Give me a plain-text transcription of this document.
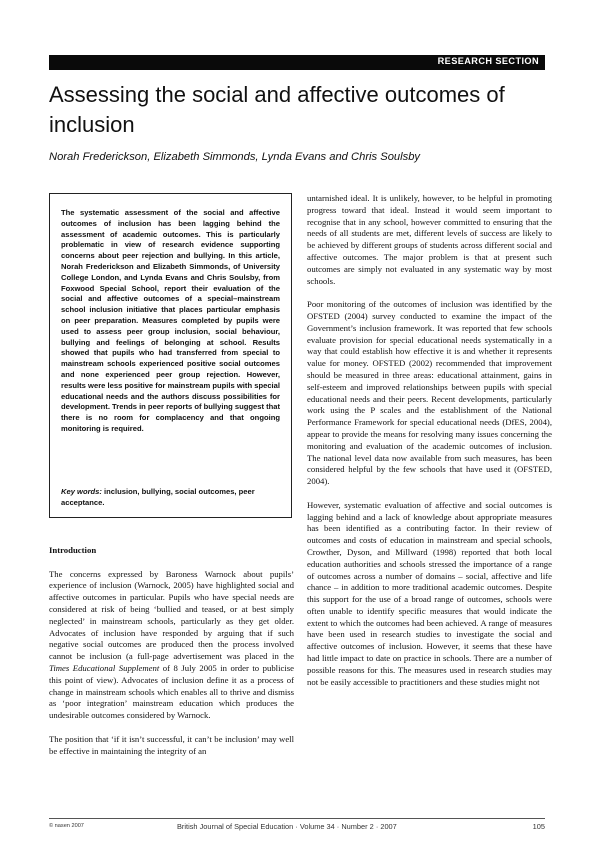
RESEARCH SECTION
Assessing the social and affective outcomes of inclusion

Norah Frederickson, Elizabeth Simmonds, Lynda Evans and Chris Soulsby

The systematic assessment of the social and affective outcomes of inclusion has been lagging behind the assessment of academic outcomes. This is particularly problematic in view of research evidence supporting concerns about peer rejection and bullying. In this article, Norah Frederickson and Elizabeth Simmonds, of University College London, and Lynda Evans and Chris Soulsby, from Foxwood Special School, report their evaluation of the social and affective outcomes of a special–mainstream school inclusion initiative that places particular emphasis on peer preparation. Measures completed by pupils were used to assess peer group inclusion, social behaviour, bullying and feelings of belonging at school. Results showed that pupils who had transferred from special to mainstream schools experienced positive social outcomes and none experienced peer group rejection. However, results were less positive for mainstream pupils with special educational needs and the authors discuss possibilities for development. Trends in peer reports of bullying suggest that there is no room for complacency and that ongoing monitoring is required.

Key words: inclusion, bullying, social outcomes, peer acceptance.

Introduction

The concerns expressed by Baroness Warnock about pupils’ experience of inclusion (Warnock, 2005) have highlighted social and affective outcomes in particular. Pupils who have special needs are considered at risk of being ‘bullied and teased, or at best simply neglected’ in mainstream schools, particularly as they get older. Advocates of inclusion have responded by arguing that if such negative social outcomes are produced then the process involved cannot be inclusion (a full-page advertisement was placed in the Times Educational Supplement of 8 July 2005 in order to publicise this point of view). Advocates of inclusion define it as a process of change in mainstream schools which enables all to thrive and dismiss as ‘poor integration’ mainstream education which produces the undesirable outcomes considered by Warnock.

The position that ‘if it isn’t successful, it can’t be inclusion’ may well be effective in maintaining the integrity of an

untarnished ideal. It is unlikely, however, to be helpful in promoting progress toward that ideal. Instead it would seem important to recognise that in any school, however committed to ensuring that the needs of all students are met, different levels of success are likely to be achieved by different groups of students across different social and affective outcomes. The major problem is that at present such outcomes are simply not evaluated in any systematic way by most schools.

Poor monitoring of the outcomes of inclusion was identified by the OFSTED (2004) survey conducted to examine the impact of the Government’s inclusion framework. It was reported that few schools evaluate provision for special educational needs systematically in a way that could establish how effective it is and whether it represents value for money. OFSTED (2002) recommended that improvement should be measured in three areas: educational attainment, gains in self-esteem and improved relationships between pupils with special educational needs and their peers. Recent developments, particularly work using the P scales and the establishment of the National Performance Framework for special educational needs (DfES, 2004), appear to provide the means for resolving many issues concerning the monitoring and evaluation of the academic outcomes of inclusion. The national level data now available from such measures, has been considered helpful by the few schools that have used it (OFSTED, 2004).

However, systematic evaluation of affective and social outcomes is lagging behind and a lack of knowledge about appropriate measures has been identified as a contributing factor. In their review of outcomes and costs of education in mainstream and special schools, Crowther, Dyson, and Millward (1998) reported that both local education authorities and schools stressed the importance of a range of outcomes across a number of domains – social, affective and life chance – in addition to more traditional academic outcomes. Despite this support for the use of a broad range of outcomes, schools were often unable to identify specific measures that would indicate the extent to which the outcomes had been achieved. A range of measures have been used in research studies to investigate the social and affective outcomes of inclusion. However, it seems that these have had little impact to date on practice in schools. There are a number of possible reasons for this. The measures used in research studies may not be easily accessible to practitioners and these studies might not

© nasen 2007	British Journal of Special Education · Volume 34 · Number 2 · 2007	105
